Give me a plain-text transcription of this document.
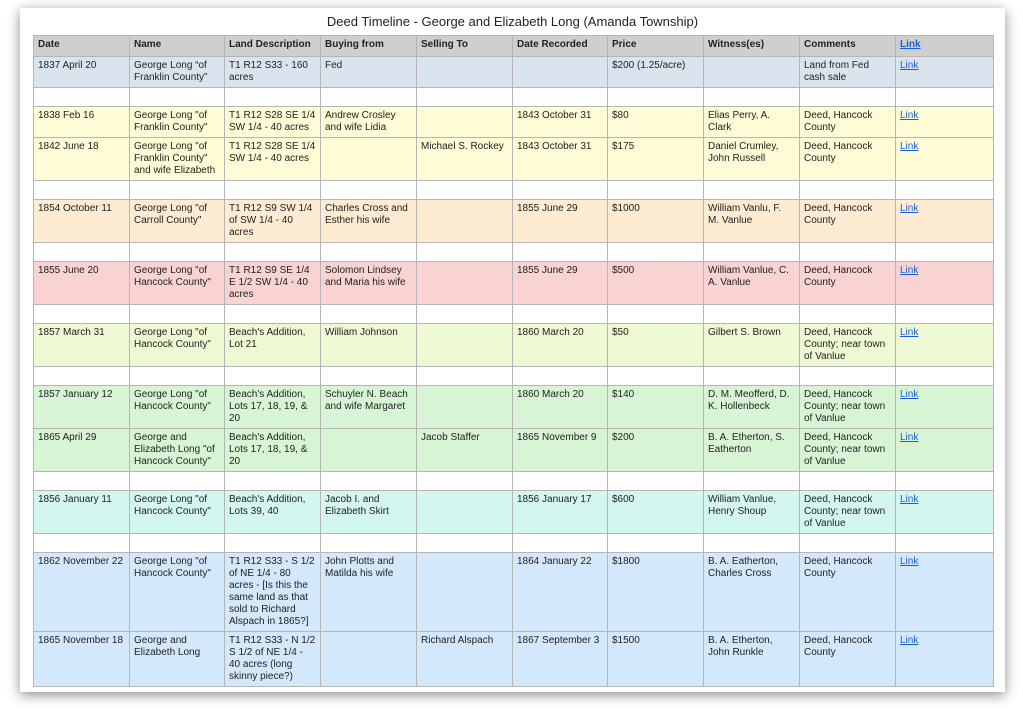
Deed Timeline - George and Elizabeth Long (Amanda Township)
Date	Name	Land Description	Buying from	Selling To	Date Recorded	Price	Witness(es)	Comments	Link
1837 April 20	George Long “of Franklin County”	T1 R12 S33 - 160 acres	Fed			$200 (1.25/acre)		Land from Fed cash sale	Link

1838 Feb 16	George Long "of Franklin County"	T1 R12 S28 SE 1/4 SW 1/4 - 40 acres	Andrew Crosley and wife Lidia		1843 October 31	$80	Elias Perry, A. Clark	Deed, Hancock County	Link
1842 June 18	George Long "of Franklin County" and wife Elizabeth	T1 R12 S28 SE 1/4 SW 1/4 - 40 acres		Michael S. Rockey	1843 October 31	$175	Daniel Crumley, John Russell	Deed, Hancock County	Link

1854 October 11	George Long "of Carroll County"	T1 R12 S9 SW 1/4 of SW 1/4 - 40 acres	Charles Cross and Esther his wife		1855 June 29	$1000	William Vanlu, F. M. Vanlue	Deed, Hancock County	Link

1855 June 20	George Long "of Hancock County"	T1 R12 S9 SE 1/4 E 1/2 SW 1/4 - 40 acres	Solomon Lindsey and Maria his wife		1855 June 29	$500	William Vanlue, C. A. Vanlue	Deed, Hancock County	Link

1857 March 31	George Long "of Hancock County"	Beach's Addition, Lot 21	William Johnson		1860 March 20	$50	Gilbert S. Brown	Deed, Hancock County; near town of Vanlue	Link

1857 January 12	George Long "of Hancock County"	Beach's Addition, Lots 17, 18, 19, & 20	Schuyler N. Beach and wife Margaret		1860 March 20	$140	D. M. Meofferd, D. K. Hollenbeck	Deed, Hancock County; near town of Vanlue	Link
1865 April 29	George and Elizabeth Long "of Hancock County"	Beach's Addition, Lots 17, 18, 19, & 20		Jacob Staffer	1865 November 9	$200	B. A. Etherton, S. Eatherton	Deed, Hancock County; near town of Vanlue	Link

1856 January 11	George Long "of Hancock County"	Beach's Addition, Lots 39, 40	Jacob I. and Elizabeth Skirt		1856 January 17	$600	William Vanlue, Henry Shoup	Deed, Hancock County; near town of Vanlue	Link

1862 November 22	George Long "of Hancock County"	T1 R12 S33 - S 1/2 of NE 1/4 - 80 acres - [Is this the same land as that sold to Richard Alspach in 1865?]	John Plotts and Matilda his wife		1864 January 22	$1800	B. A. Eatherton, Charles Cross	Deed, Hancock County	Link
1865 November 18	George and Elizabeth Long	T1 R12 S33 - N 1/2 S 1/2 of NE 1/4 - 40 acres (long skinny piece?)		Richard Alspach	1867 September 3	$1500	B. A. Etherton, John Runkle	Deed, Hancock County	Link
